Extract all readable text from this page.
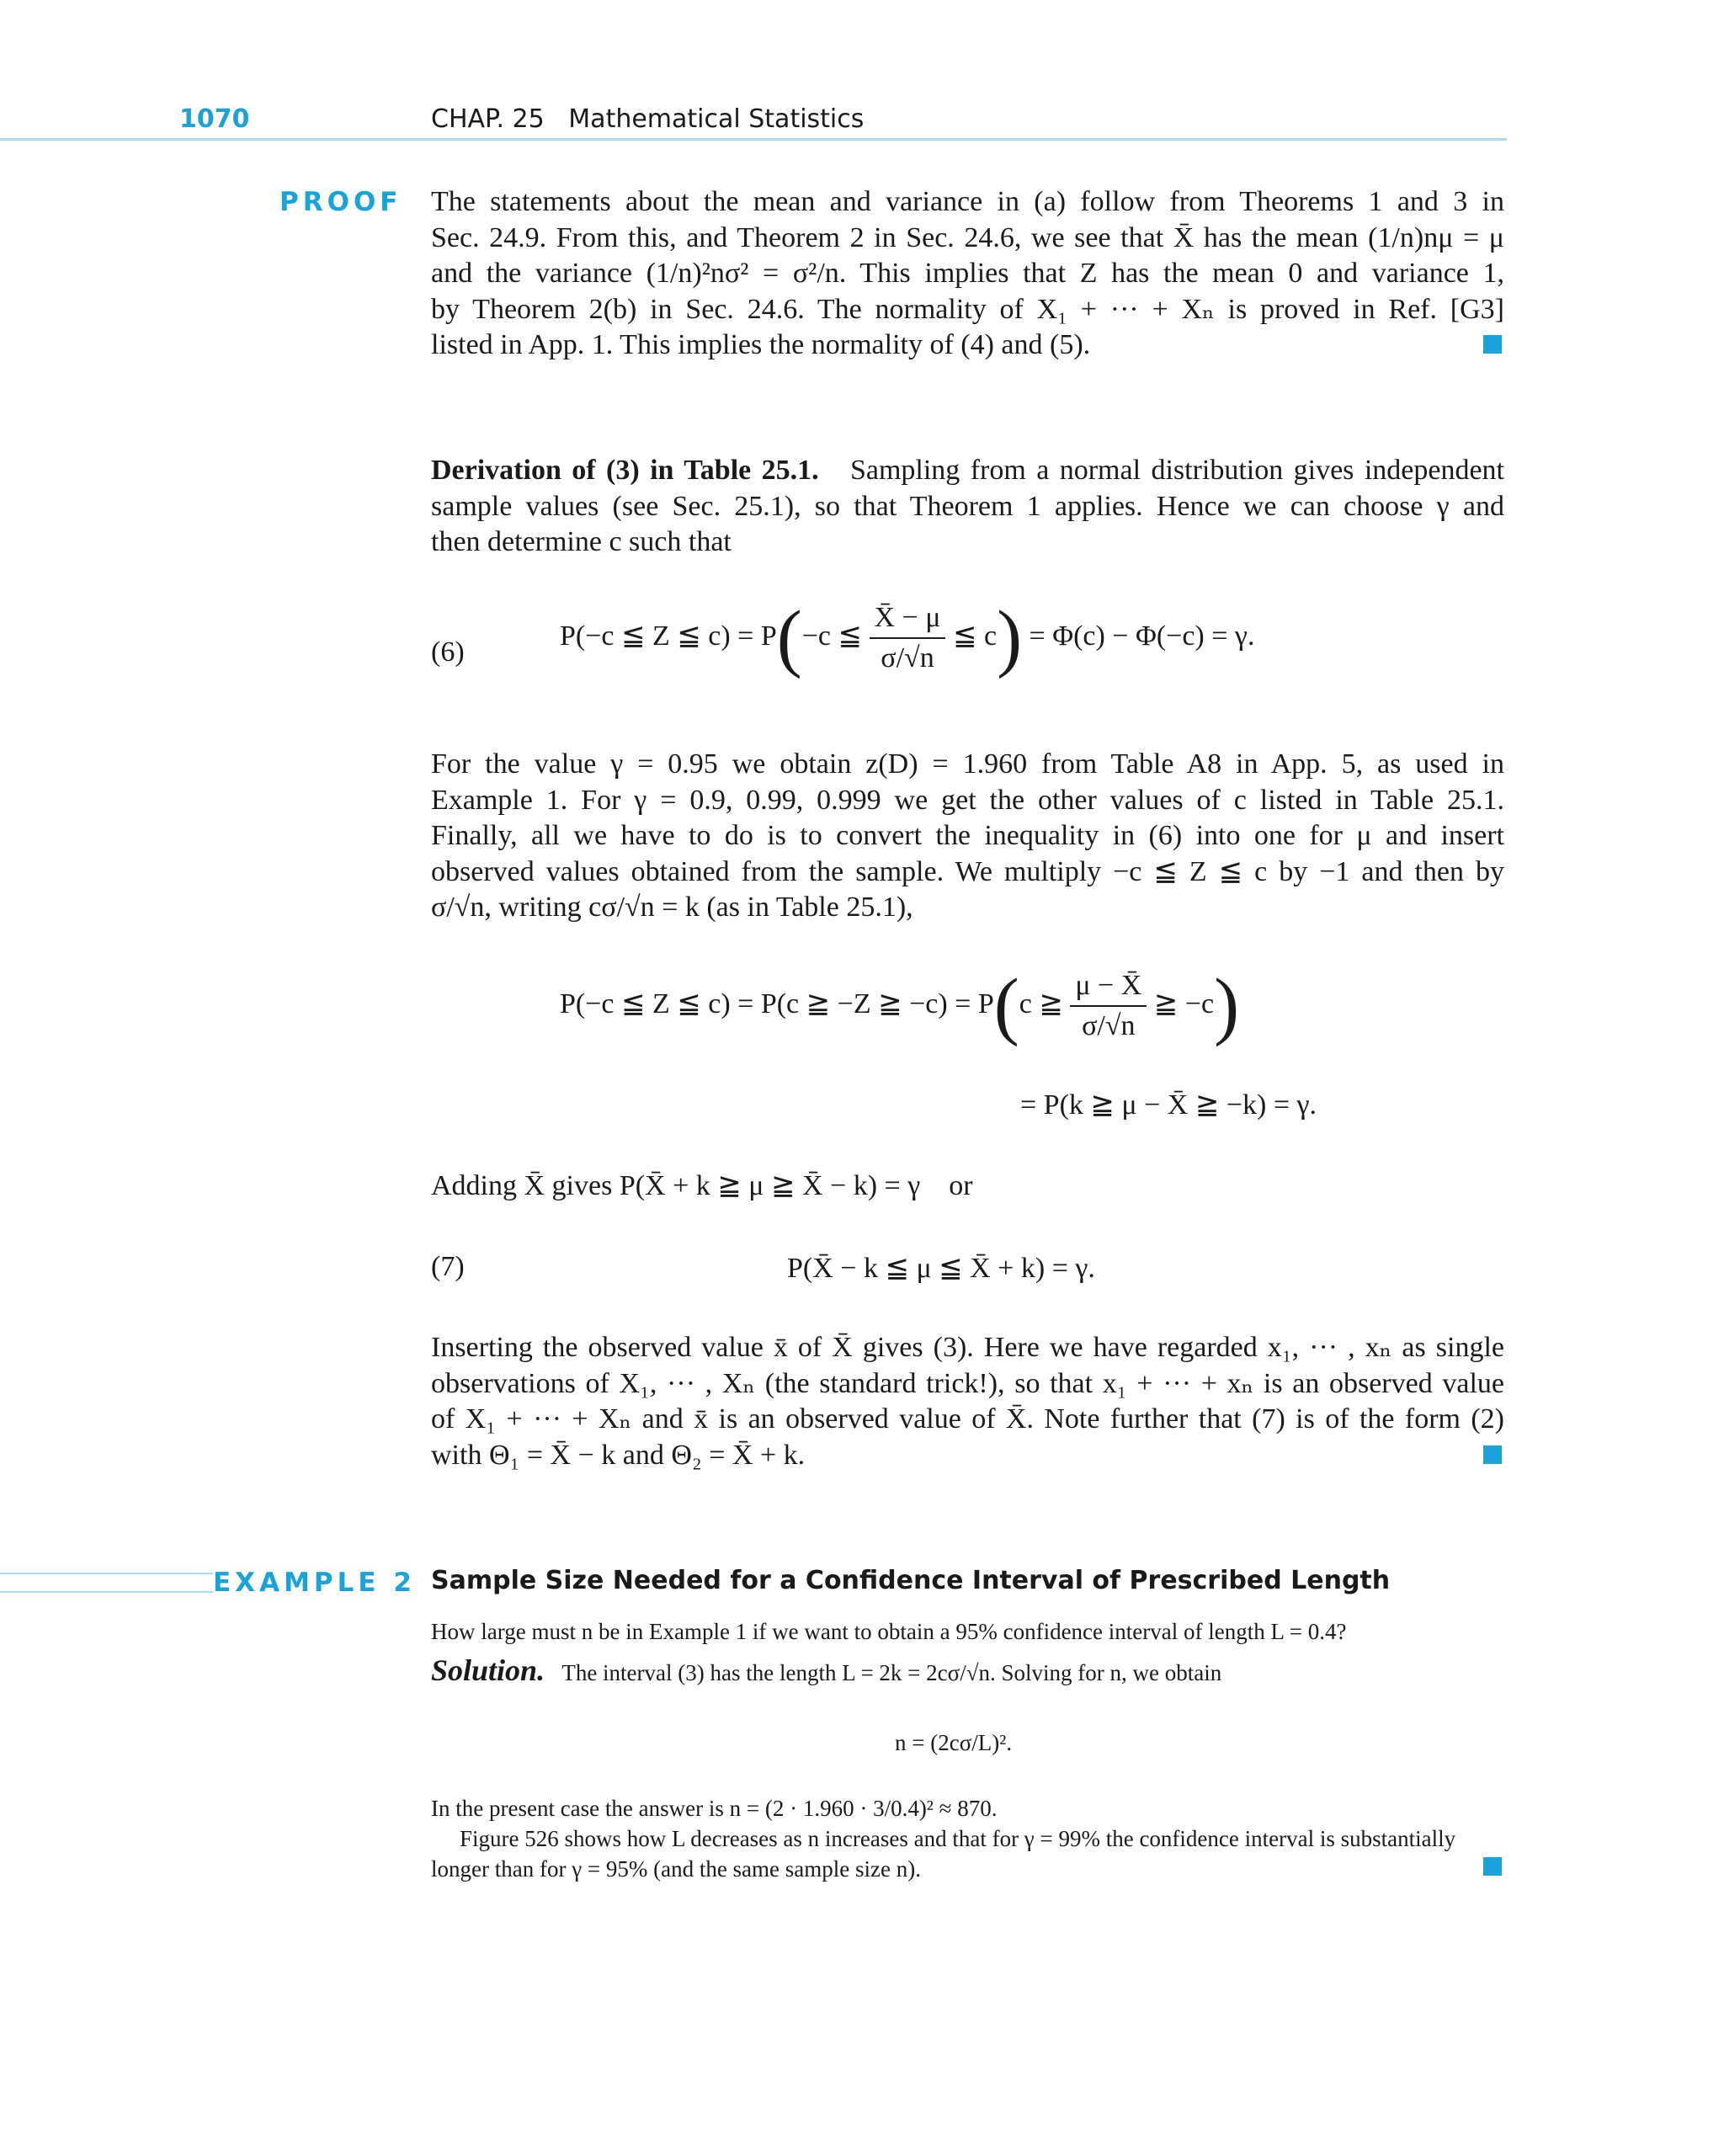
1070	CHAP. 25   Mathematical Statistics
PROOF The statements about the mean and variance in (a) follow from Theorems 1 and 3 in
Sec. 24.9. From this, and Theorem 2 in Sec. 24.6, we see that X̄ has the mean (1/n)nμ = μ
and the variance (1/n)²nσ² = σ²/n. This implies that Z has the mean 0 and variance 1,
by Theorem 2(b) in Sec. 24.6. The normality of X₁ + ··· + Xₙ is proved in Ref. [G3]
listed in App. 1. This implies the normality of (4) and (5).
Derivation of (3) in Table 25.1. Sampling from a normal distribution gives independent
sample values (see Sec. 25.1), so that Theorem 1 applies. Hence we can choose γ and
then determine c such that
(6)
P(−c ≦ Z ≦ c) = P(−c ≦ $\frac{X̄ - \mu}{\sigma/√n}$ ≦ c) = Φ(c) − Φ(−c) = γ.
For the value γ = 0.95 we obtain z(D) = 1.960 from Table A8 in App. 5, as used in
Example 1. For γ = 0.9, 0.99, 0.999 we get the other values of c listed in Table 25.1.
Finally, all we have to do is to convert the inequality in (6) into one for μ and insert
observed values obtained from the sample. We multiply −c ≦ Z ≦ c by −1 and then by
σ/√n, writing cσ/√n = k (as in Table 25.1),
P(−c ≦ Z ≦ c) = P(c ≧ −Z ≧ −c) = P(c ≧ $\frac{\mu - X̄}{\sigma/√n}$ ≧ −c)
= P(k ≧ μ − X̄ ≧ −k) = γ.
Adding X̄ gives P(X̄ + k ≧ μ ≧ X̄ − k) = γ or
(7)	P(X̄ − k ≦ μ ≦ X̄ + k) = γ.
Inserting the observed value x̄ of X̄ gives (3). Here we have regarded x₁, ··· , xₙ as single
observations of X₁, ··· , Xₙ (the standard trick!), so that x₁ + ··· + xₙ is an observed value
of X₁ + ··· + Xₙ and x̄ is an observed value of X̄. Note further that (7) is of the form (2)
with Θ₁ = X̄ − k and Θ₂ = X̄ + k.
EXAMPLE 2 Sample Size Needed for a Confidence Interval of Prescribed Length
How large must n be in Example 1 if we want to obtain a 95% confidence interval of length L = 0.4?
Solution. The interval (3) has the length L = 2k = 2cσ/√n. Solving for n, we obtain
n = (2cσ/L)².
In the present case the answer is n = (2 · 1.960 · 3/0.4)² ≈ 870.
Figure 526 shows how L decreases as n increases and that for γ = 99% the confidence interval is substantially
longer than for γ = 95% (and the same sample size n).
